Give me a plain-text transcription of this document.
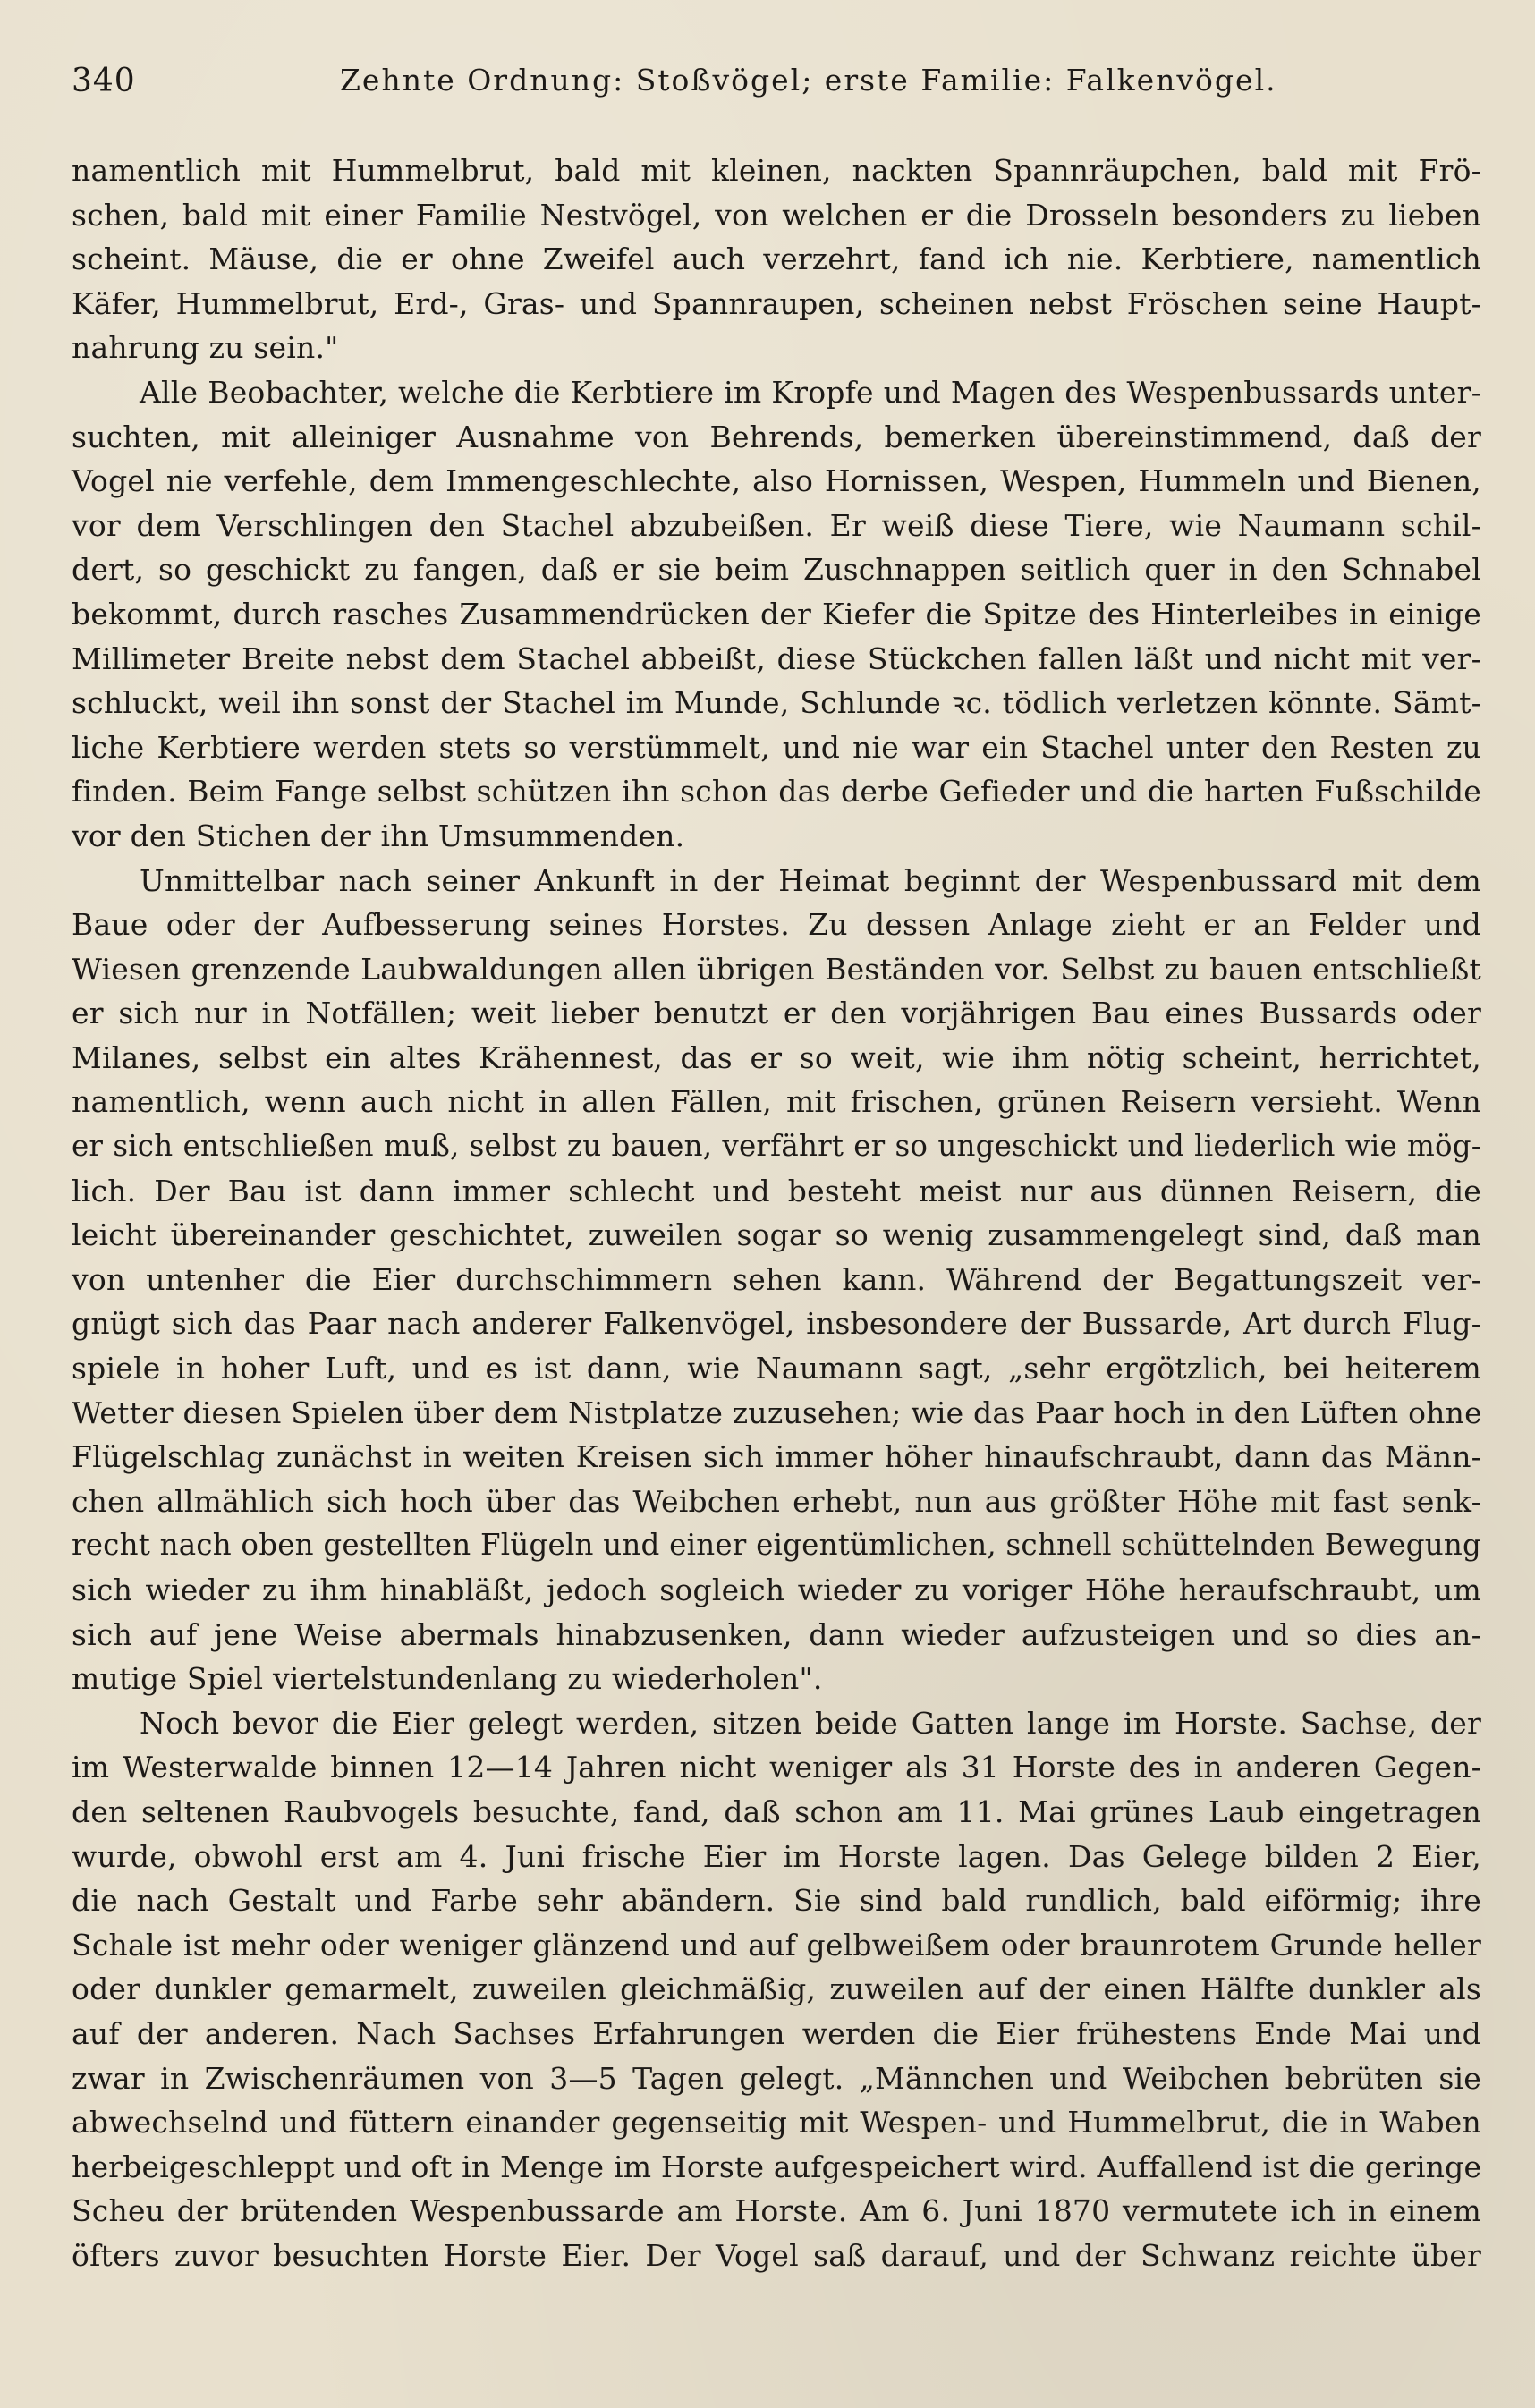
340	Zehnte Ordnung: Stoßvögel; erste Familie: Falkenvögel.
namentlich mit Hummelbrut, bald mit kleinen, nackten Spannräupchen, bald mit Frö-
schen, bald mit einer Familie Nestvögel, von welchen er die Drosseln besonders zu lieben
scheint. Mäuse, die er ohne Zweifel auch verzehrt, fand ich nie. Kerbtiere, namentlich
Käfer, Hummelbrut, Erd-, Gras- und Spannraupen, scheinen nebst Fröschen seine Haupt-
nahrung zu sein."
Alle Beobachter, welche die Kerbtiere im Kropfe und Magen des Wespenbussards unter-
suchten, mit alleiniger Ausnahme von Behrends, bemerken übereinstimmend, daß der
Vogel nie verfehle, dem Immengeschlechte, also Hornissen, Wespen, Hummeln und Bienen,
vor dem Verschlingen den Stachel abzubeißen. Er weiß diese Tiere, wie Naumann schil-
dert, so geschickt zu fangen, daß er sie beim Zuschnappen seitlich quer in den Schnabel
bekommt, durch rasches Zusammendrücken der Kiefer die Spitze des Hinterleibes in einige
Millimeter Breite nebst dem Stachel abbeißt, diese Stückchen fallen läßt und nicht mit ver-
schluckt, weil ihn sonst der Stachel im Munde, Schlunde ꝛc. tödlich verletzen könnte. Sämt-
liche Kerbtiere werden stets so verstümmelt, und nie war ein Stachel unter den Resten zu
finden. Beim Fange selbst schützen ihn schon das derbe Gefieder und die harten Fußschilde
vor den Stichen der ihn Umsummenden.
Unmittelbar nach seiner Ankunft in der Heimat beginnt der Wespenbussard mit dem
Baue oder der Aufbesserung seines Horstes. Zu dessen Anlage zieht er an Felder und
Wiesen grenzende Laubwaldungen allen übrigen Beständen vor. Selbst zu bauen entschließt
er sich nur in Notfällen; weit lieber benutzt er den vorjährigen Bau eines Bussards oder
Milanes, selbst ein altes Krähennest, das er so weit, wie ihm nötig scheint, herrichtet,
namentlich, wenn auch nicht in allen Fällen, mit frischen, grünen Reisern versieht. Wenn
er sich entschließen muß, selbst zu bauen, verfährt er so ungeschickt und liederlich wie mög-
lich. Der Bau ist dann immer schlecht und besteht meist nur aus dünnen Reisern, die
leicht übereinander geschichtet, zuweilen sogar so wenig zusammengelegt sind, daß man
von untenher die Eier durchschimmern sehen kann. Während der Begattungszeit ver-
gnügt sich das Paar nach anderer Falkenvögel, insbesondere der Bussarde, Art durch Flug-
spiele in hoher Luft, und es ist dann, wie Naumann sagt, „sehr ergötzlich, bei heiterem
Wetter diesen Spielen über dem Nistplatze zuzusehen; wie das Paar hoch in den Lüften ohne
Flügelschlag zunächst in weiten Kreisen sich immer höher hinaufschraubt, dann das Männ-
chen allmählich sich hoch über das Weibchen erhebt, nun aus größter Höhe mit fast senk-
recht nach oben gestellten Flügeln und einer eigentümlichen, schnell schüttelnden Bewegung
sich wieder zu ihm hinabläßt, jedoch sogleich wieder zu voriger Höhe heraufschraubt, um
sich auf jene Weise abermals hinabzusenken, dann wieder aufzusteigen und so dies an-
mutige Spiel viertelstundenlang zu wiederholen".
Noch bevor die Eier gelegt werden, sitzen beide Gatten lange im Horste. Sachse, der
im Westerwalde binnen 12—14 Jahren nicht weniger als 31 Horste des in anderen Gegen-
den seltenen Raubvogels besuchte, fand, daß schon am 11. Mai grünes Laub eingetragen
wurde, obwohl erst am 4. Juni frische Eier im Horste lagen. Das Gelege bilden 2 Eier,
die nach Gestalt und Farbe sehr abändern. Sie sind bald rundlich, bald eiförmig; ihre
Schale ist mehr oder weniger glänzend und auf gelbweißem oder braunrotem Grunde heller
oder dunkler gemarmelt, zuweilen gleichmäßig, zuweilen auf der einen Hälfte dunkler als
auf der anderen. Nach Sachses Erfahrungen werden die Eier frühestens Ende Mai und
zwar in Zwischenräumen von 3—5 Tagen gelegt. „Männchen und Weibchen bebrüten sie
abwechselnd und füttern einander gegenseitig mit Wespen- und Hummelbrut, die in Waben
herbeigeschleppt und oft in Menge im Horste aufgespeichert wird. Auffallend ist die geringe
Scheu der brütenden Wespenbussarde am Horste. Am 6. Juni 1870 vermutete ich in einem
öfters zuvor besuchten Horste Eier. Der Vogel saß darauf, und der Schwanz reichte über
